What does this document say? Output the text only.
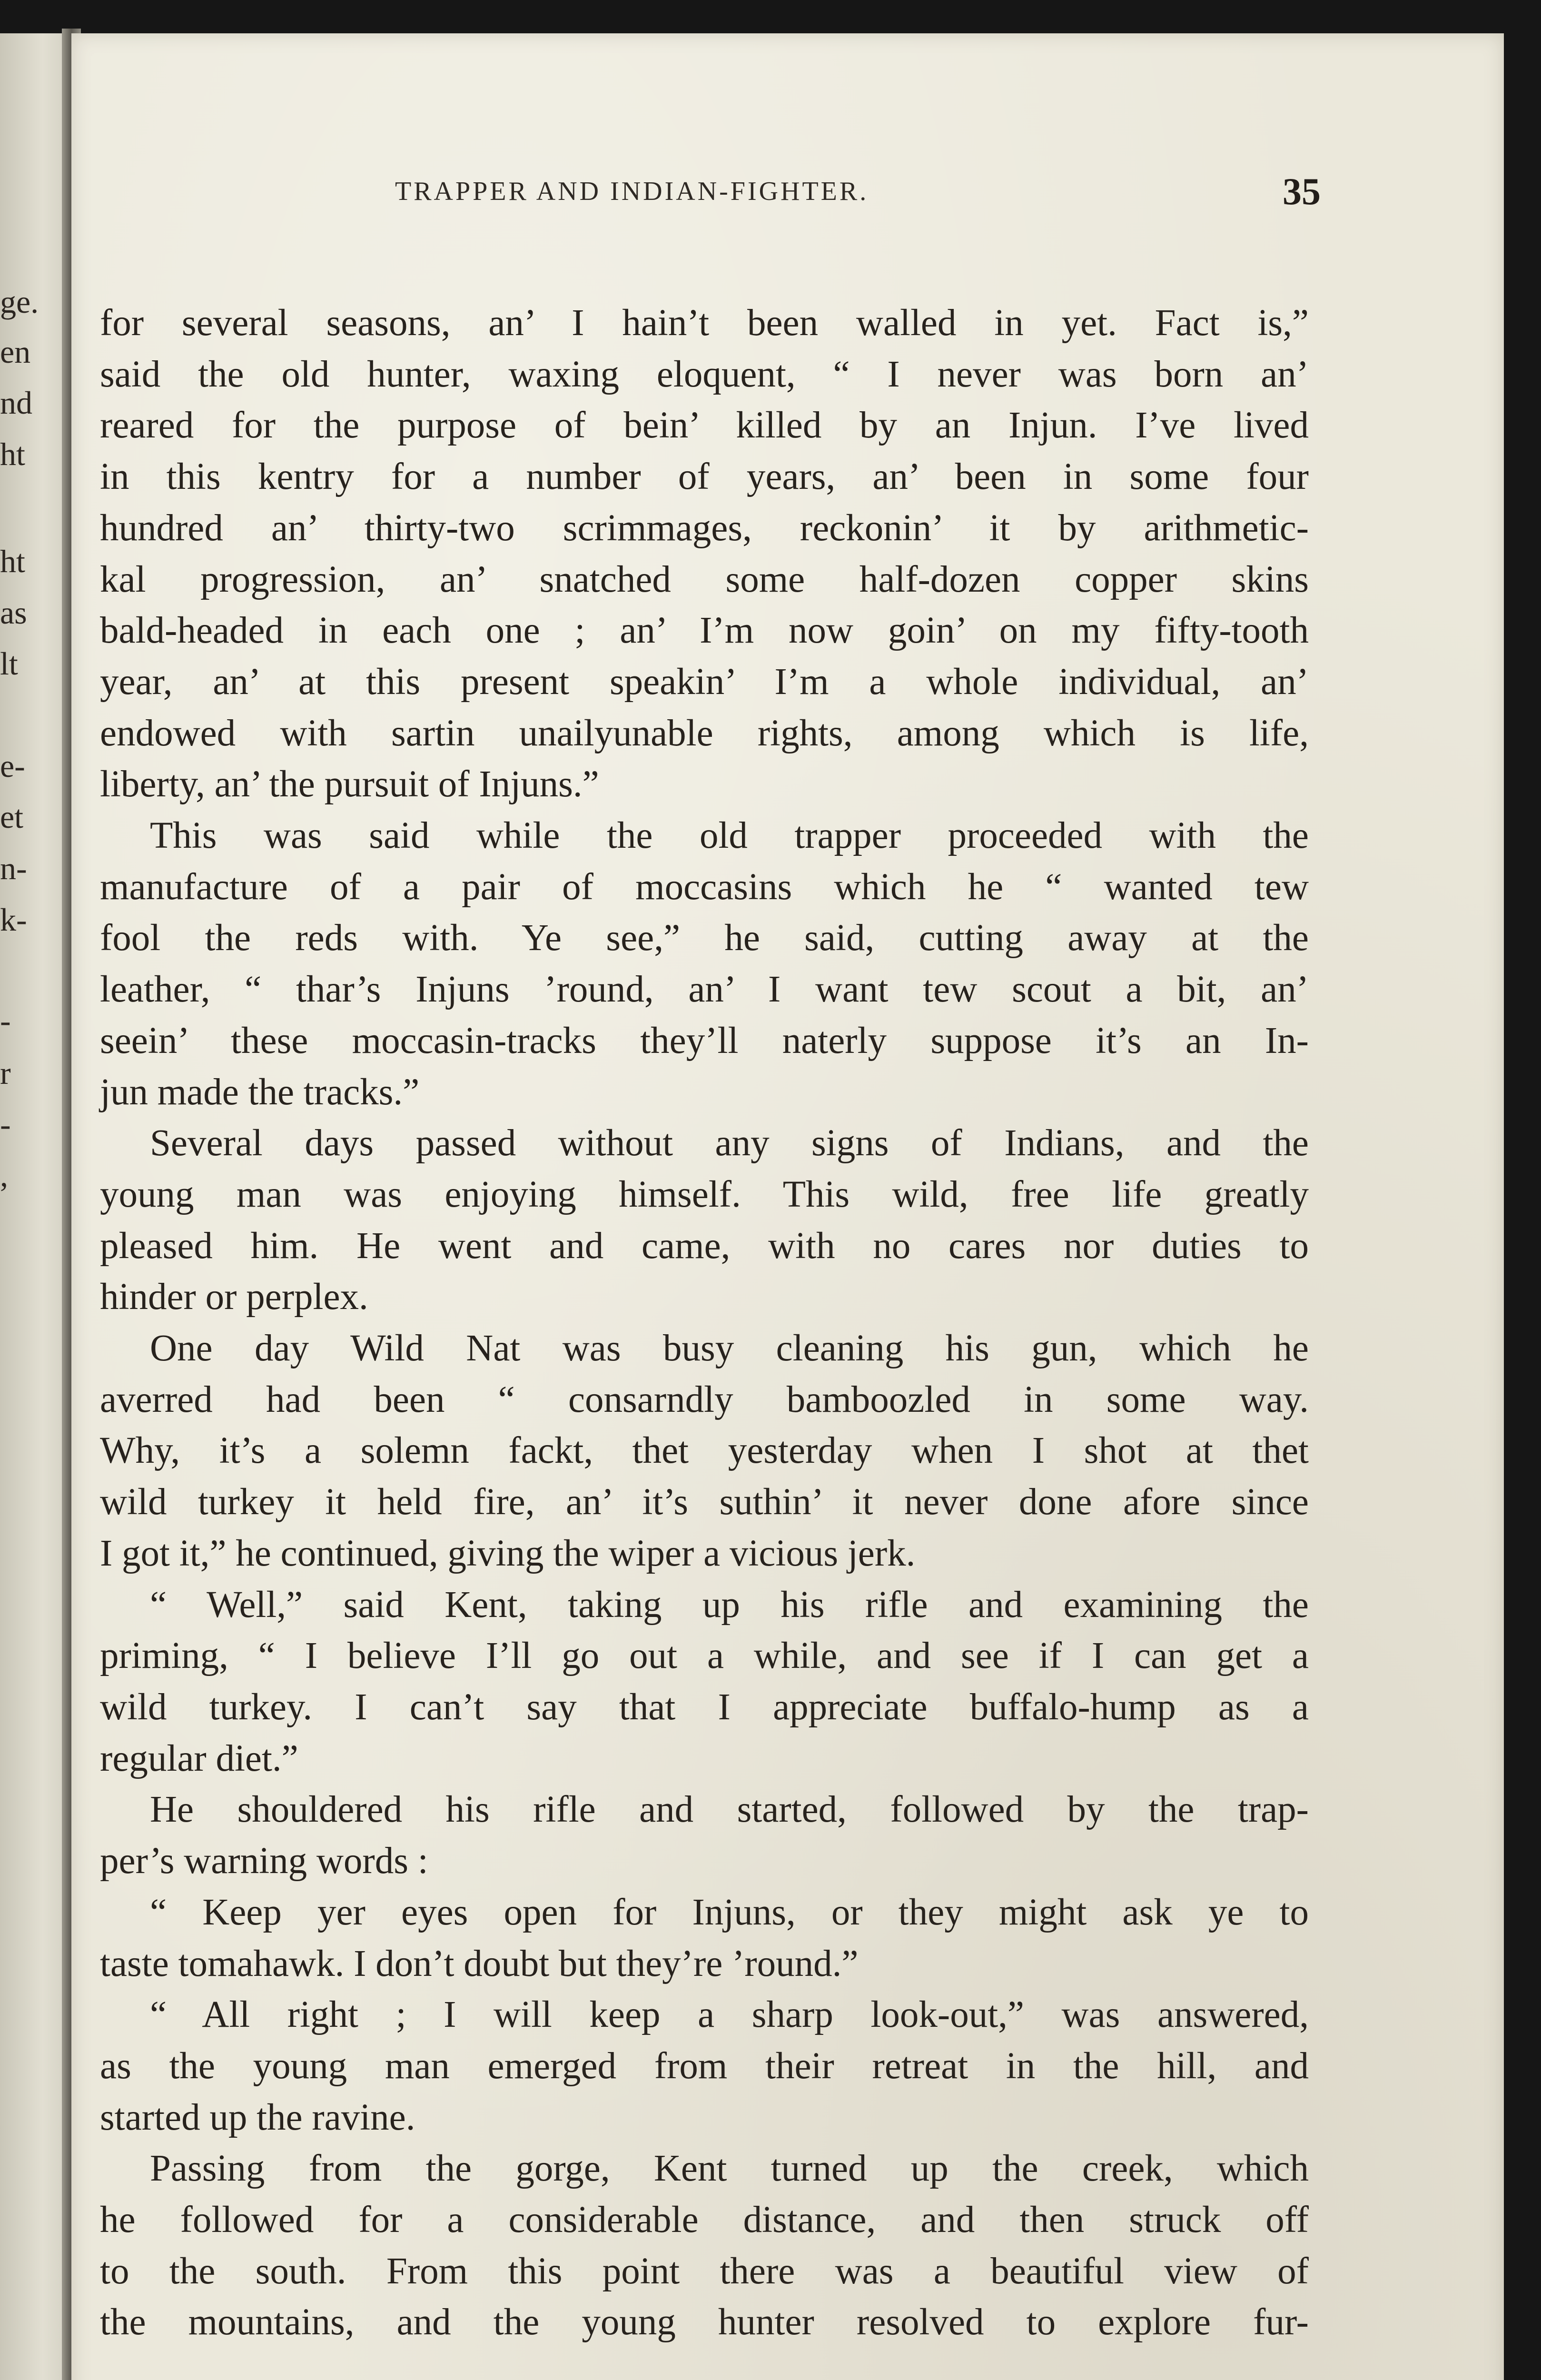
ge.
en
nd
ht
ht
as
lt
e-
et
n-
k-
-
r
-
,
TRAPPER AND INDIAN-FIGHTER.	35
for several seasons, an’ I hain’t been walled in yet. Fact is,”
said the old hunter, waxing eloquent, “ I never was born an’
reared for the purpose of bein’ killed by an Injun. I’ve lived
in this kentry for a number of years, an’ been in some four
hundred an’ thirty-two scrimmages, reckonin’ it by arithmetic-
kal progression, an’ snatched some half-dozen copper skins
bald-headed in each one ; an’ I’m now goin’ on my fifty-tooth
year, an’ at this present speakin’ I’m a whole individual, an’
endowed with sartin unailyunable rights, among which is life,
liberty, an’ the pursuit of Injuns.”
This was said while the old trapper proceeded with the
manufacture of a pair of moccasins which he “ wanted tew
fool the reds with. Ye see,” he said, cutting away at the
leather, “ thar’s Injuns ’round, an’ I want tew scout a bit, an’
seein’ these moccasin-tracks they’ll naterly suppose it’s an In-
jun made the tracks.”
Several days passed without any signs of Indians, and the
young man was enjoying himself. This wild, free life greatly
pleased him. He went and came, with no cares nor duties to
hinder or perplex.
One day Wild Nat was busy cleaning his gun, which he
averred had been “ consarndly bamboozled in some way.
Why, it’s a solemn fackt, thet yesterday when I shot at thet
wild turkey it held fire, an’ it’s suthin’ it never done afore since
I got it,” he continued, giving the wiper a vicious jerk.
“ Well,” said Kent, taking up his rifle and examining the
priming, “ I believe I’ll go out a while, and see if I can get a
wild turkey. I can’t say that I appreciate buffalo-hump as a
regular diet.”
He shouldered his rifle and started, followed by the trap-
per’s warning words :
“ Keep yer eyes open for Injuns, or they might ask ye to
taste tomahawk. I don’t doubt but they’re ’round.”
“ All right ; I will keep a sharp look-out,” was answered,
as the young man emerged from their retreat in the hill, and
started up the ravine.
Passing from the gorge, Kent turned up the creek, which
he followed for a considerable distance, and then struck off
to the south. From this point there was a beautiful view of
the mountains, and the young hunter resolved to explore fur-
